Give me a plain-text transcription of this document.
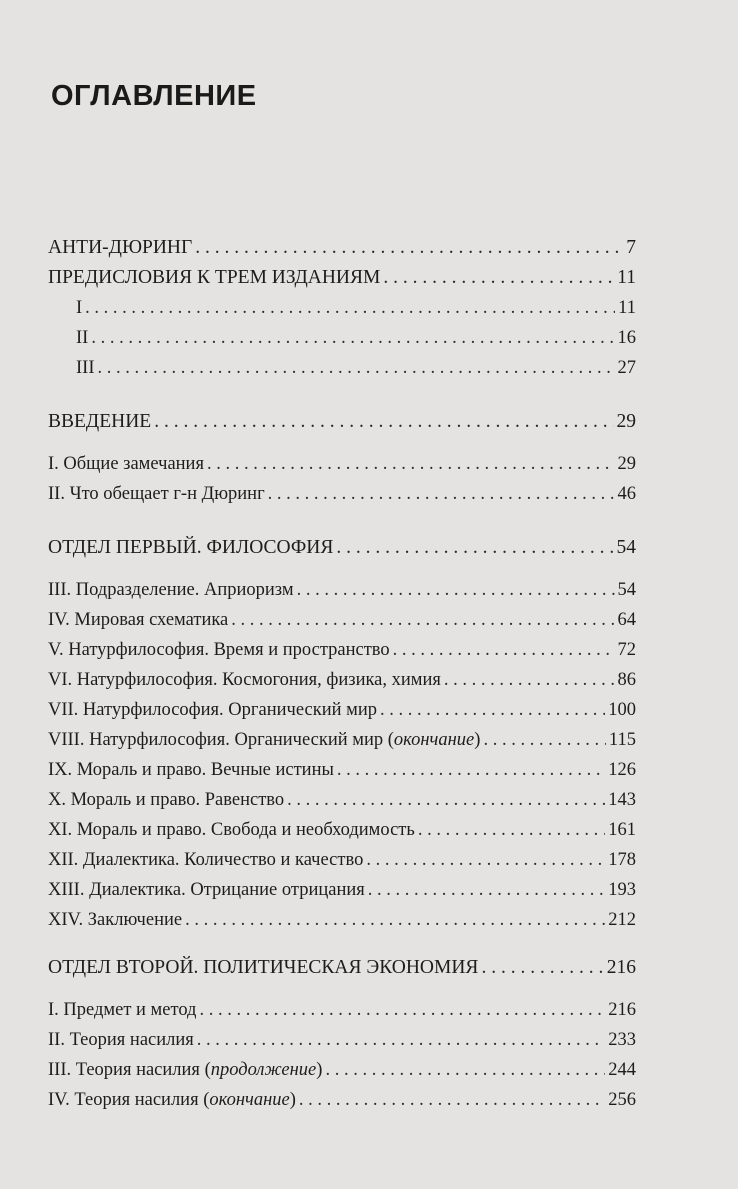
ОГЛАВЛЕНИЕ
АНТИ-ДЮРИНГ . . .	7
ПРЕДИСЛОВИЯ К ТРЕМ ИЗДАНИЯМ . . .	11
I . . .	11
II . . .	16
III . . .	27
ВВЕДЕНИЕ . . .	29
I. Общие замечания . . .	29
II. Что обещает г-н Дюринг . . .	46
ОТДЕЛ ПЕРВЫЙ. ФИЛОСОФИЯ . . .	54
III. Подразделение. Априоризм . . .	54
IV. Мировая схематика . . .	64
V. Натурфилософия. Время и пространство . . .	72
VI. Натурфилософия. Космогония, физика, химия . . .	86
VII. Натурфилософия. Органический мир . . .	100
VIII. Натурфилософия. Органический мир (окончание) . . .	115
IX. Мораль и право. Вечные истины . . .	126
X. Мораль и право. Равенство . . .	143
XI. Мораль и право. Свобода и необходимость . . .	161
XII. Диалектика. Количество и качество . . .	178
XIII. Диалектика. Отрицание отрицания . . .	193
XIV. Заключение . . .	212
ОТДЕЛ ВТОРОЙ. ПОЛИТИЧЕСКАЯ ЭКОНОМИЯ . . .	216
I. Предмет и метод . . .	216
II. Теория насилия . . .	233
III. Теория насилия (продолжение) . . .	244
IV. Теория насилия (окончание) . . .	256
